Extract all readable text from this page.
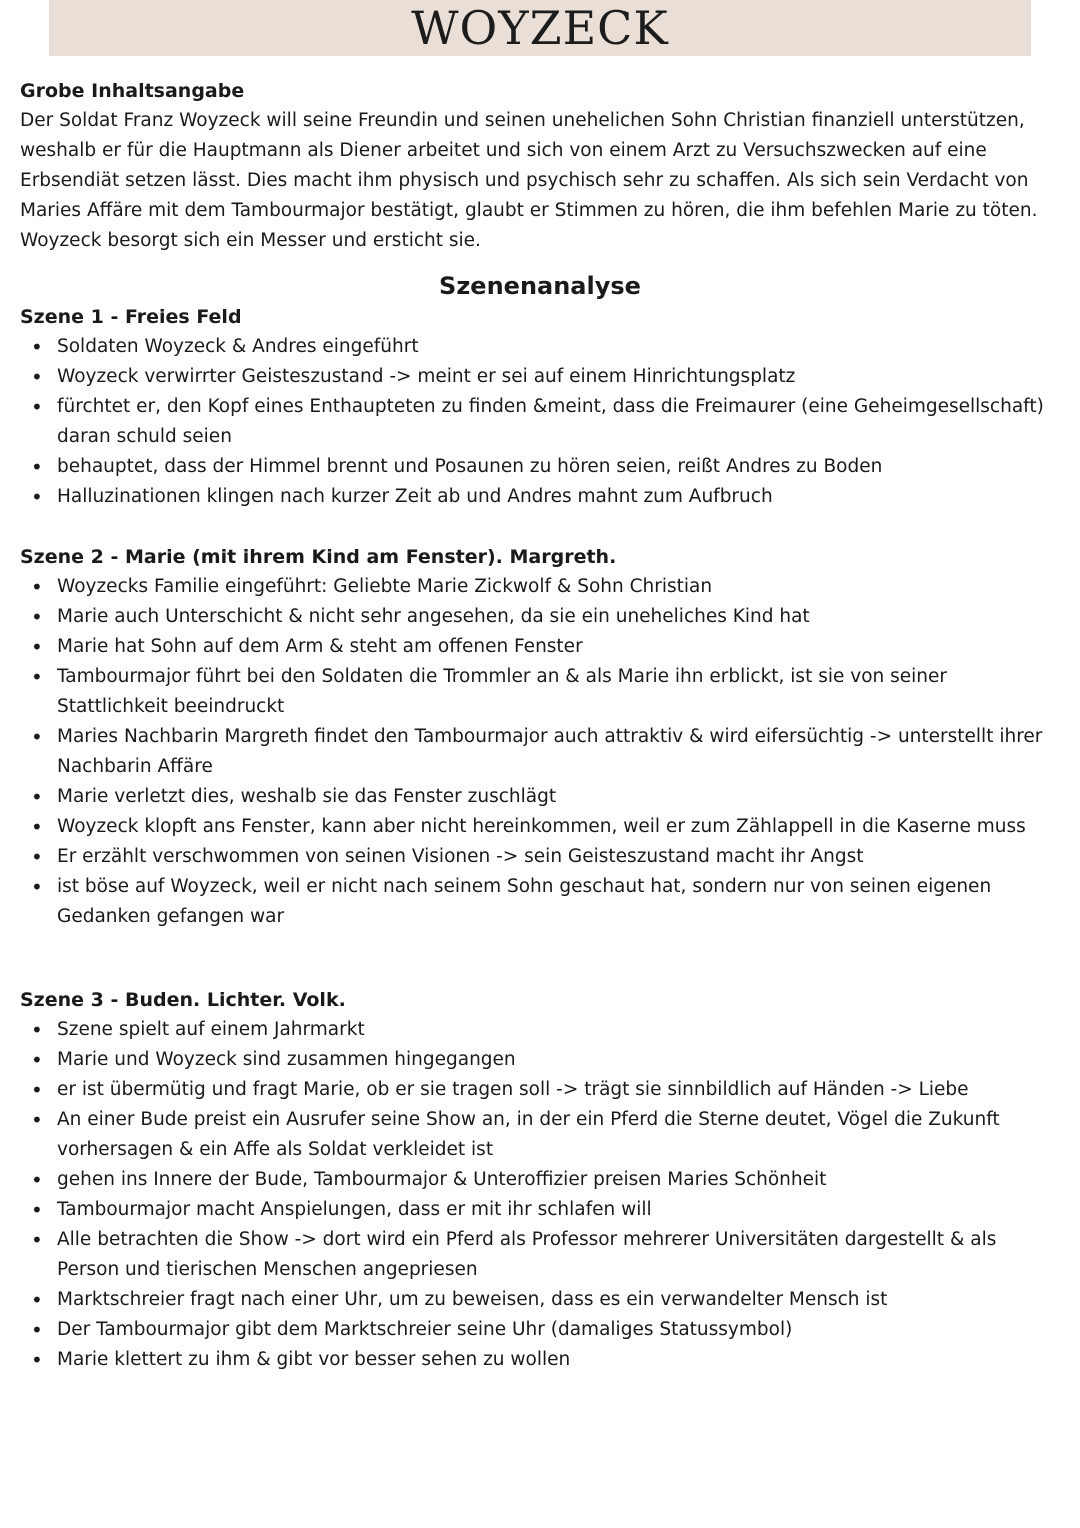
WOYZECK

Grobe Inhaltsangabe

Der Soldat Franz Woyzeck will seine Freundin und seinen unehelichen Sohn Christian finanziell unterstützen, weshalb er für die Hauptmann als Diener arbeitet und sich von einem Arzt zu Versuchszwecken auf eine Erbsendiät setzen lässt. Dies macht ihm physisch und psychisch sehr zu schaffen. Als sich sein Verdacht von Maries Affäre mit dem Tambourmajor bestätigt, glaubt er Stimmen zu hören, die ihm befehlen Marie zu töten. Woyzeck besorgt sich ein Messer und ersticht sie.

Szenenanalyse

Szene 1 - Freies Feld

• Soldaten Woyzeck & Andres eingeführt
• Woyzeck verwirrter Geisteszustand -> meint er sei auf einem Hinrichtungsplatz
• fürchtet er, den Kopf eines Enthaupteten zu finden &meint, dass die Freimaurer (eine Geheimgesellschaft) daran schuld seien
• behauptet, dass der Himmel brennt und Posaunen zu hören seien, reißt Andres zu Boden
• Halluzinationen klingen nach kurzer Zeit ab und Andres mahnt zum Aufbruch

Szene 2 - Marie (mit ihrem Kind am Fenster). Margreth.

• Woyzecks Familie eingeführt: Geliebte Marie Zickwolf & Sohn Christian
• Marie auch Unterschicht & nicht sehr angesehen, da sie ein uneheliches Kind hat
• Marie hat Sohn auf dem Arm & steht am offenen Fenster
• Tambourmajor führt bei den Soldaten die Trommler an & als Marie ihn erblickt, ist sie von seiner Stattlichkeit beeindruckt
• Maries Nachbarin Margreth findet den Tambourmajor auch attraktiv & wird eifersüchtig -> unterstellt ihrer Nachbarin Affäre
• Marie verletzt dies, weshalb sie das Fenster zuschlägt
• Woyzeck klopft ans Fenster, kann aber nicht hereinkommen, weil er zum Zählappell in die Kaserne muss
• Er erzählt verschwommen von seinen Visionen -> sein Geisteszustand macht ihr Angst
• ist böse auf Woyzeck, weil er nicht nach seinem Sohn geschaut hat, sondern nur von seinen eigenen Gedanken gefangen war

Szene 3 - Buden. Lichter. Volk.

• Szene spielt auf einem Jahrmarkt
• Marie und Woyzeck sind zusammen hingegangen
• er ist übermütig und fragt Marie, ob er sie tragen soll -> trägt sie sinnbildlich auf Händen -> Liebe
• An einer Bude preist ein Ausrufer seine Show an, in der ein Pferd die Sterne deutet, Vögel die Zukunft vorhersagen & ein Affe als Soldat verkleidet ist
• gehen ins Innere der Bude, Tambourmajor & Unteroffizier preisen Maries Schönheit
• Tambourmajor macht Anspielungen, dass er mit ihr schlafen will
• Alle betrachten die Show -> dort wird ein Pferd als Professor mehrerer Universitäten dargestellt & als Person und tierischen Menschen angepriesen
• Marktschreier fragt nach einer Uhr, um zu beweisen, dass es ein verwandelter Mensch ist
• Der Tambourmajor gibt dem Marktschreier seine Uhr (damaliges Statussymbol)
• Marie klettert zu ihm & gibt vor besser sehen zu wollen
